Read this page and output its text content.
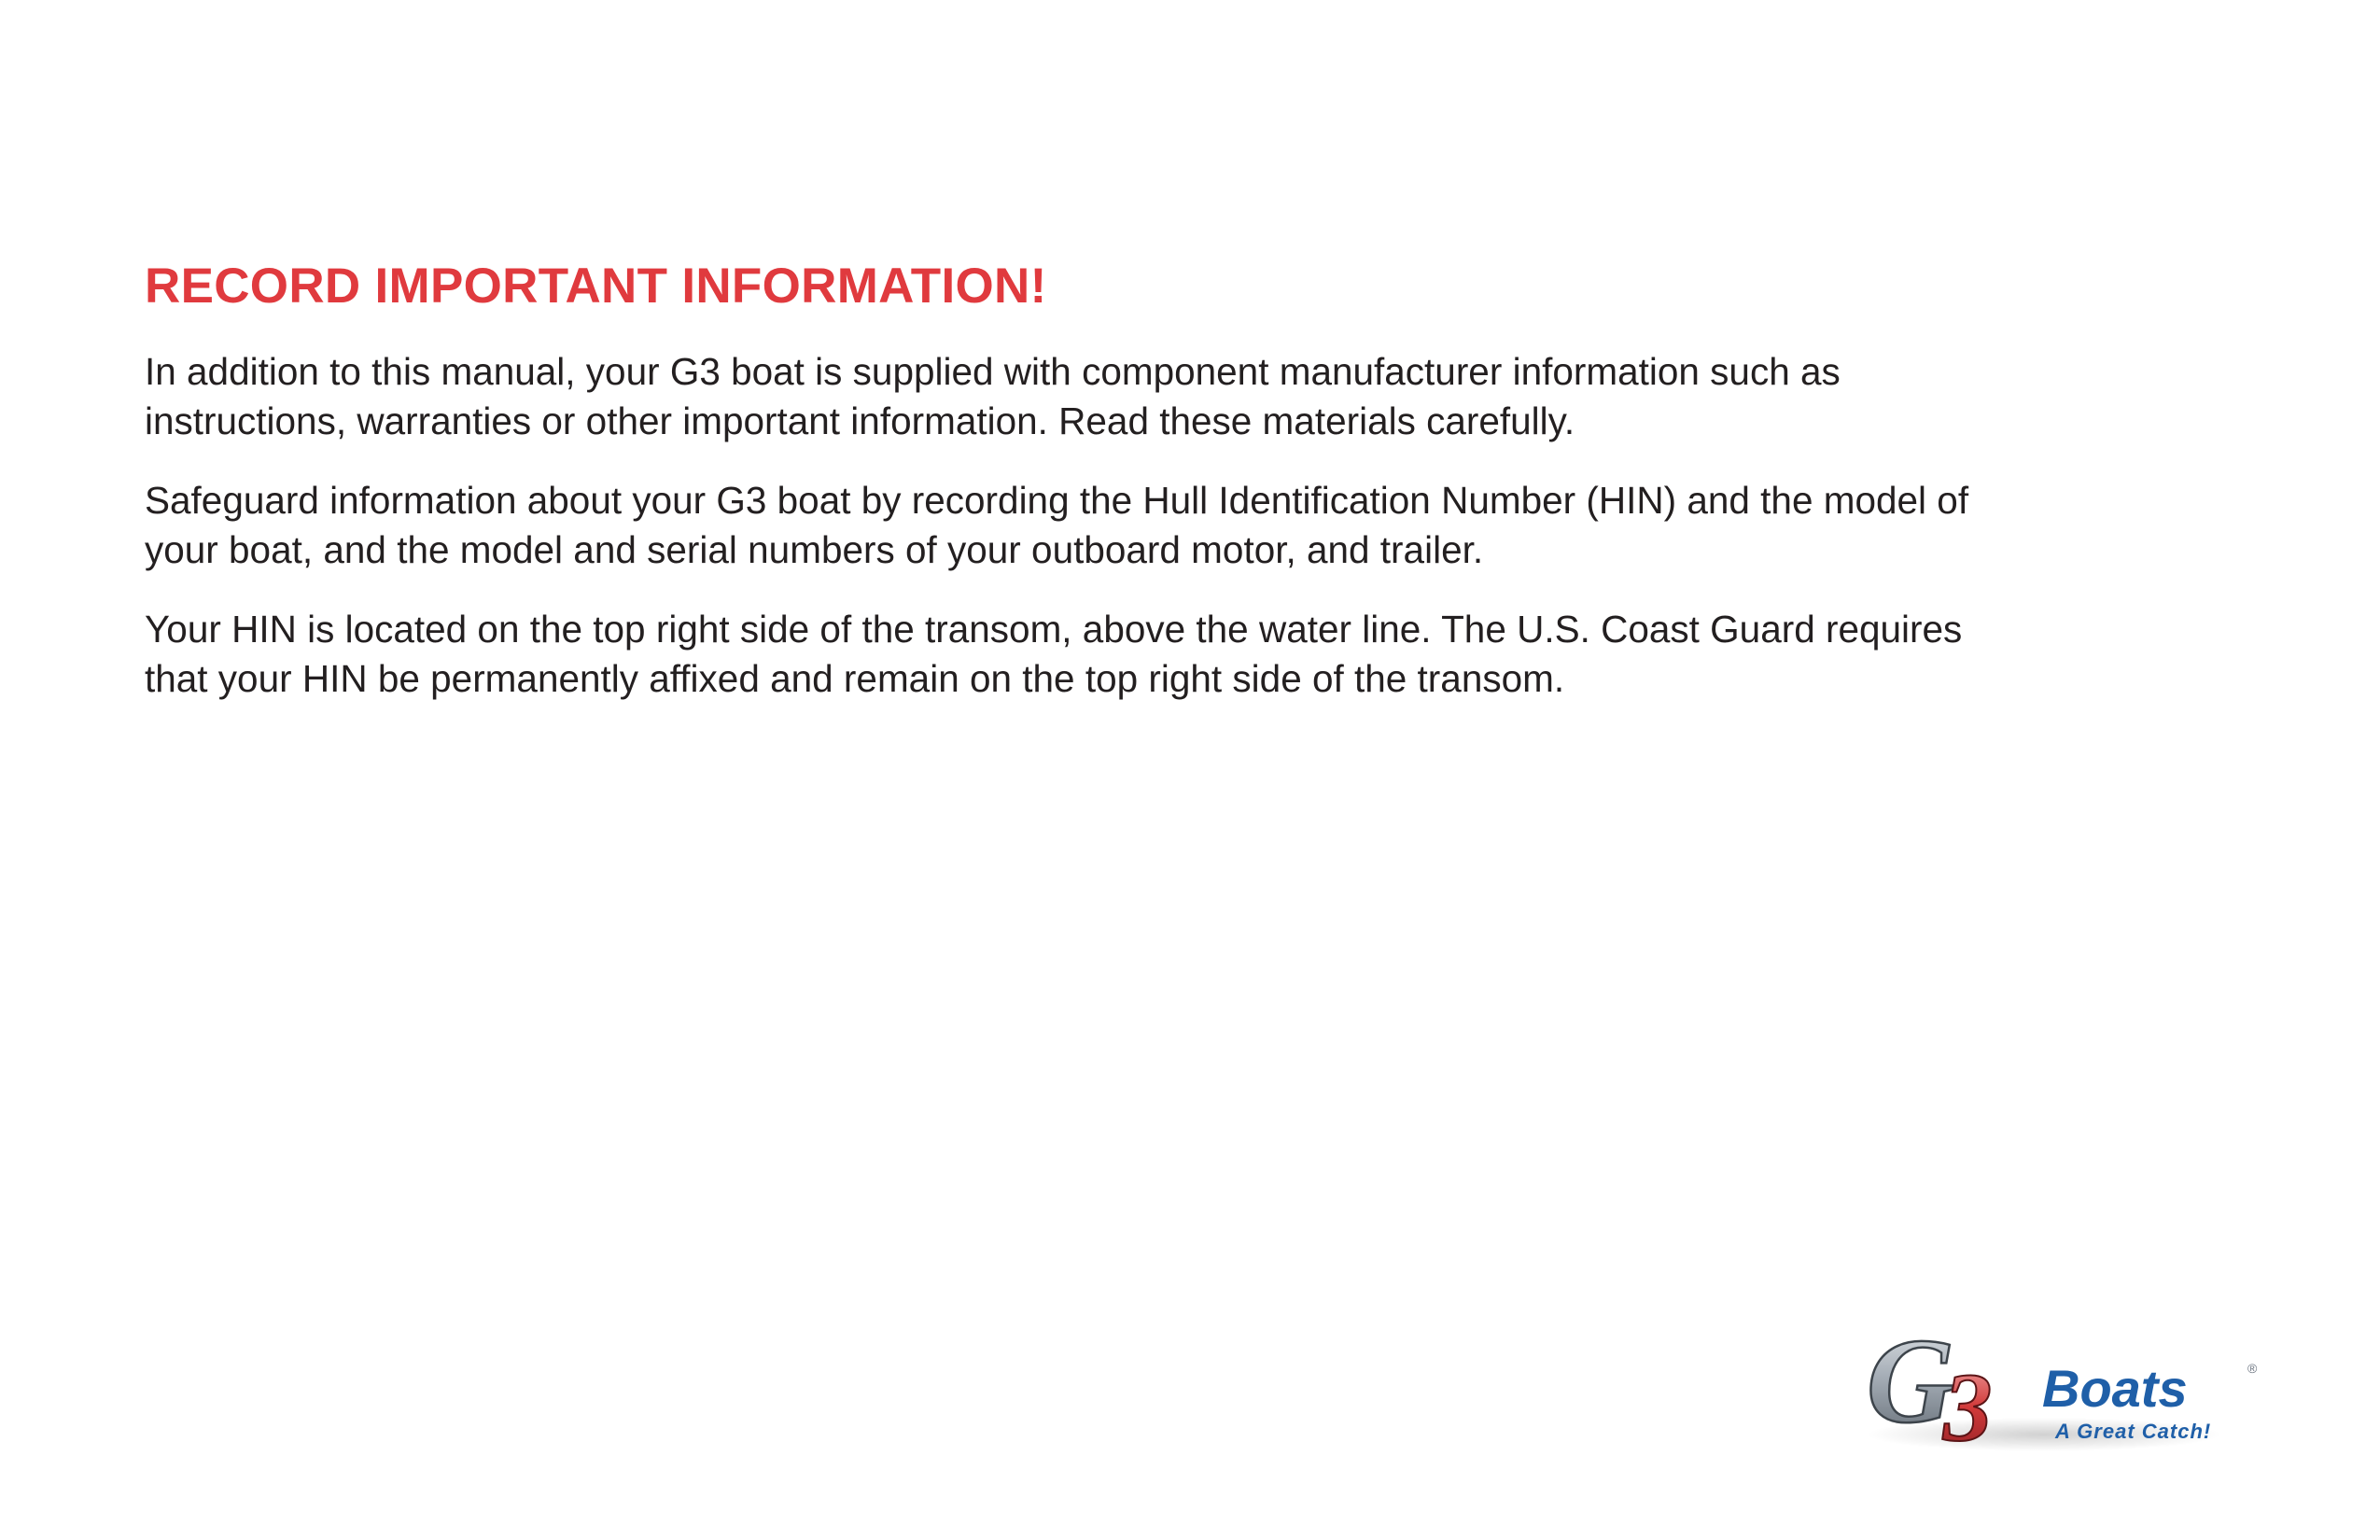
RECORD IMPORTANT INFORMATION!

In addition to this manual, your G3 boat is supplied with component manufacturer information such as
instructions, warranties or other important information. Read these materials carefully.

Safeguard information about your G3 boat by recording the Hull Identification Number (HIN) and the model of
your boat, and the model and serial numbers of your outboard motor, and trailer.

Your HIN is located on the top right side of the transom, above the water line. The U.S. Coast Guard requires
that your HIN be permanently affixed and remain on the top right side of the transom.

G
3 Boats	®
A Great Catch!
